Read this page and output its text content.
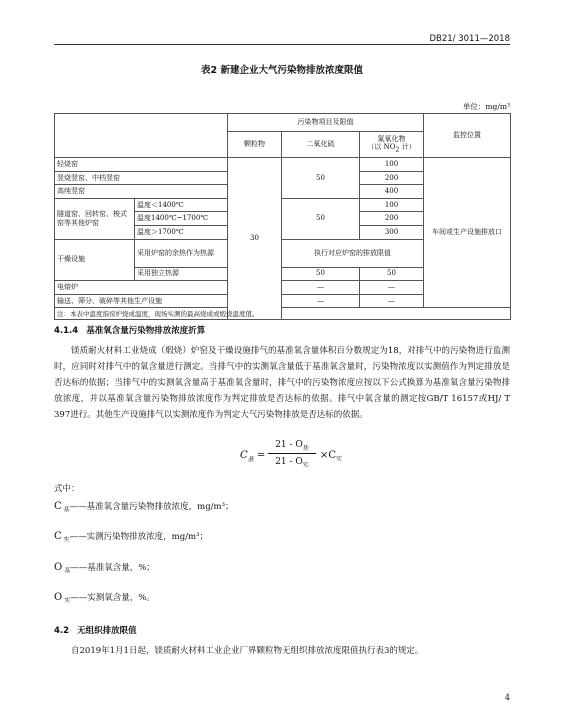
DB21/ 3011—2018
表2 新建企业大气污染物排放浓度限值
单位：mg/m³
		污染物项目及限值			监控位置
		颗粒物	二氧化硫	氮氧化物
（以 $NO_2$ 计）	
轻烧窑		30	50	100	车间或生产设施排放口
竖烧竖窑、中档竖窑				200	
高纯竖窑				400	
隧道窑、回转窑、梭式窑等其他炉窑	温度＜1400℃		50	100	
	温度1400℃~1700℃			200	
	温度＞1700℃			300	
干燥设施	采用炉窑的余热作为热源		执行对应炉窑的排放限值		
	采用独立热源		50	50	
电熔炉			—	—	
输送、筛分、破碎等其他生产设施			—	—	
注：本表中温度指窑炉烧成温度，现场实测的最高烧成或煅烧温度值。					
4.1.4 基准氧含量污染物排放浓度折算
镁质耐火材料工业烧成（煅烧）炉窑及干燥设施排气的基准氧含量体积百分数规定为18，对排气中的污染物进行监测时，应同时对排气中的氧含量进行测定。当排气中的实测氧含量低于基准氧含量时，污染物浓度以实测值作为判定排放是否达标的依据；当排气中的实测氧含量高于基准氧含量时，排气中的污染物浓度应按以下公式换算为基准氧含量污染物排放浓度，并以基准氧含量污染物排放浓度作为判定排放是否达标的依据。排气中氧含量的测定按GB/T 16157或HJ/ T 397进行。其他生产设施排气以实测浓度作为判定大气污染物排放是否达标的依据。
$C_基$ =
$21 - O_基$
$21 - O_实$
$\times C_实$
式中：
C $_基$——基准氧含量污染物排放浓度，mg/m³；
C $_实$——实测污染物排放浓度，mg/m³；
O $_基$——基准氧含量，%；
O $_实$——实测氧含量，%。
4.2 无组织排放限值
自2019年1月1日起，镁质耐火材料工业企业厂界颗粒物无组织排放浓度限值执行表3的规定。
4
